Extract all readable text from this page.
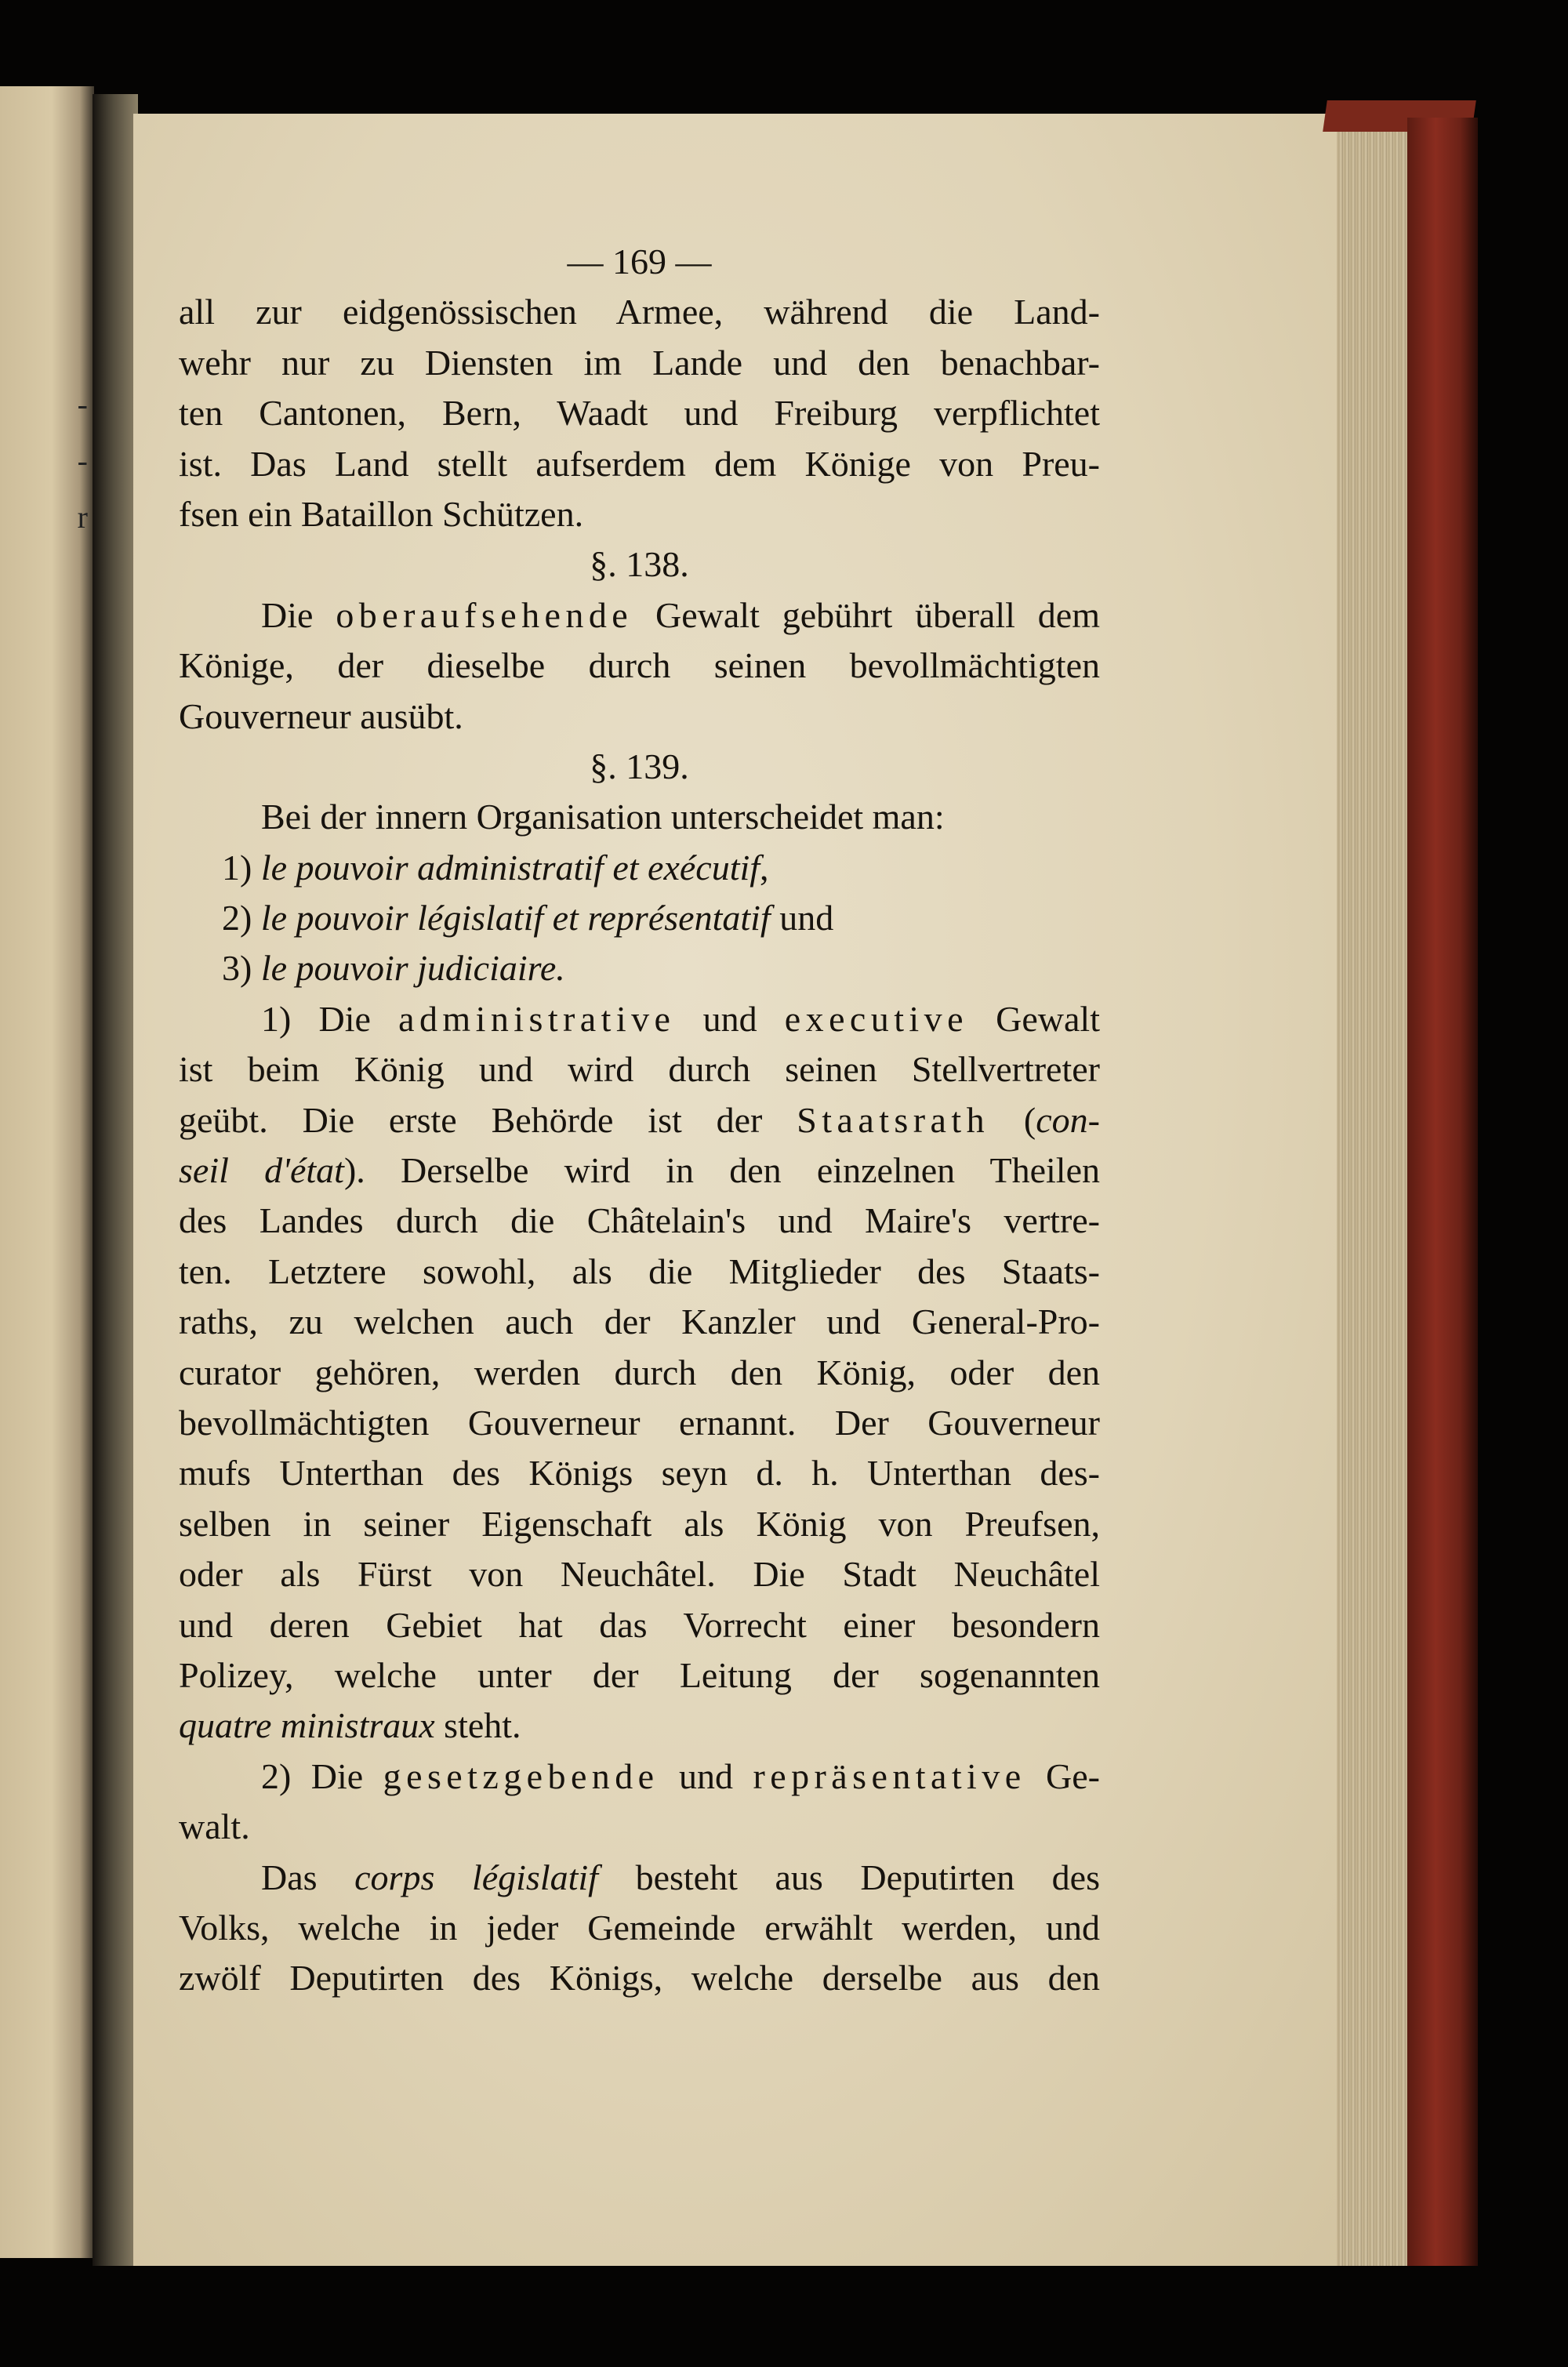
-
-
r
— 169 —
all zur eidgenössischen Armee, während die Land-
wehr nur zu Diensten im Lande und den benachbar-
ten Cantonen, Bern, Waadt und Freiburg verpflichtet
ist. Das Land stellt aufserdem dem Könige von Preu-
fsen ein Bataillon Schützen.
§. 138.
Die oberaufsehende Gewalt gebührt überall dem
Könige, der dieselbe durch seinen bevollmächtigten
Gouverneur ausübt.
§. 139.
Bei der innern Organisation unterscheidet man:
1) le pouvoir administratif et exécutif,
2) le pouvoir législatif et représentatif und
3) le pouvoir judiciaire.
1) Die administrative und executive Gewalt
ist beim König und wird durch seinen Stellvertreter
geübt. Die erste Behörde ist der Staatsrath (con-
seil d'état). Derselbe wird in den einzelnen Theilen
des Landes durch die Châtelain's und Maire's vertre-
ten. Letztere sowohl, als die Mitglieder des Staats-
raths, zu welchen auch der Kanzler und General-Pro-
curator gehören, werden durch den König, oder den
bevollmächtigten Gouverneur ernannt. Der Gouverneur
mufs Unterthan des Königs seyn d. h. Unterthan des-
selben in seiner Eigenschaft als König von Preufsen,
oder als Fürst von Neuchâtel. Die Stadt Neuchâtel
und deren Gebiet hat das Vorrecht einer besondern
Polizey, welche unter der Leitung der sogenannten
quatre ministraux steht.
2) Die gesetzgebende und repräsentative Ge-
walt.
Das corps législatif besteht aus Deputirten des
Volks, welche in jeder Gemeinde erwählt werden, und
zwölf Deputirten des Königs, welche derselbe aus den
